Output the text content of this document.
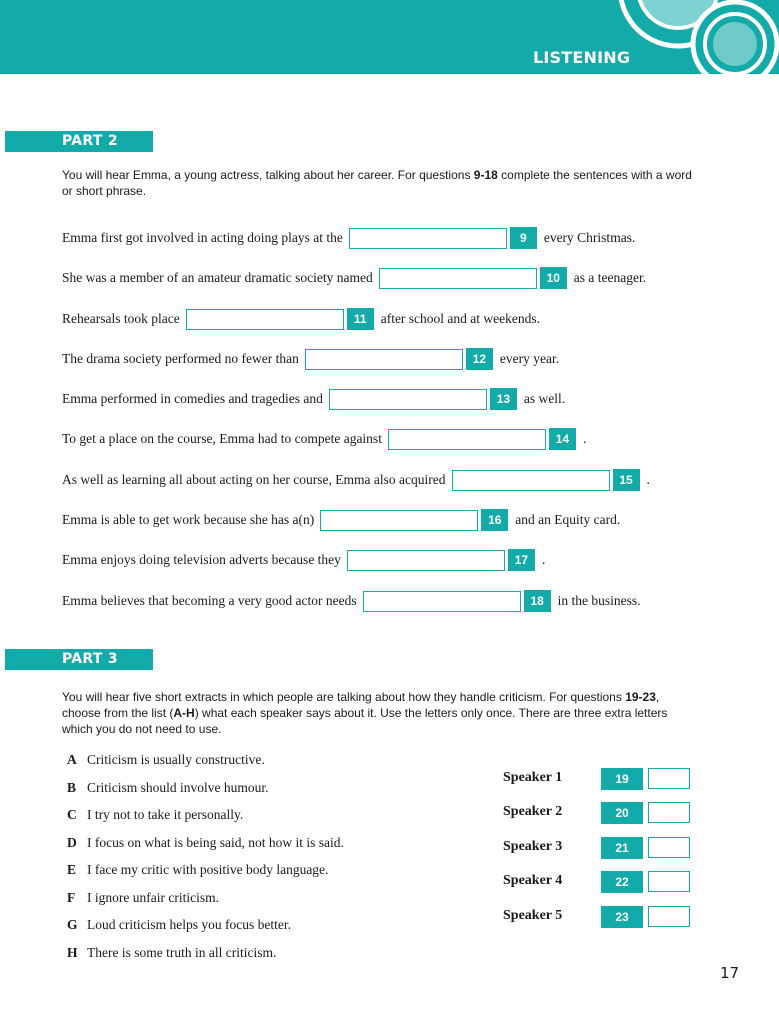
LISTENING
PART 2
You will hear Emma, a young actress, talking about her career. For questions 9-18 complete the sentences with a word or short phrase.
Emma first got involved in acting doing plays at the	9	every Christmas.
She was a member of an amateur dramatic society named	10	as a teenager.
Rehearsals took place	11	after school and at weekends.
The drama society performed no fewer than	12	every year.
Emma performed in comedies and tragedies and	13	as well.
To get a place on the course, Emma had to compete against	14	.
As well as learning all about acting on her course, Emma also acquired	15	.
Emma is able to get work because she has a(n)	16	and an Equity card.
Emma enjoys doing television adverts because they	17	.
Emma believes that becoming a very good actor needs	18	in the business.
PART 3
You will hear five short extracts in which people are talking about how they handle criticism. For questions 19-23, choose from the list (A-H) what each speaker says about it. Use the letters only once. There are three extra letters which you do not need to use.
A Criticism is usually constructive.
B Criticism should involve humour.
C I try not to take it personally.
D I focus on what is being said, not how it is said.
E I face my critic with positive body language.
F I ignore unfair criticism.
G Loud criticism helps you focus better.
H There is some truth in all criticism.
Speaker 1	19
Speaker 2	20
Speaker 3	21
Speaker 4	22
Speaker 5	23
17
